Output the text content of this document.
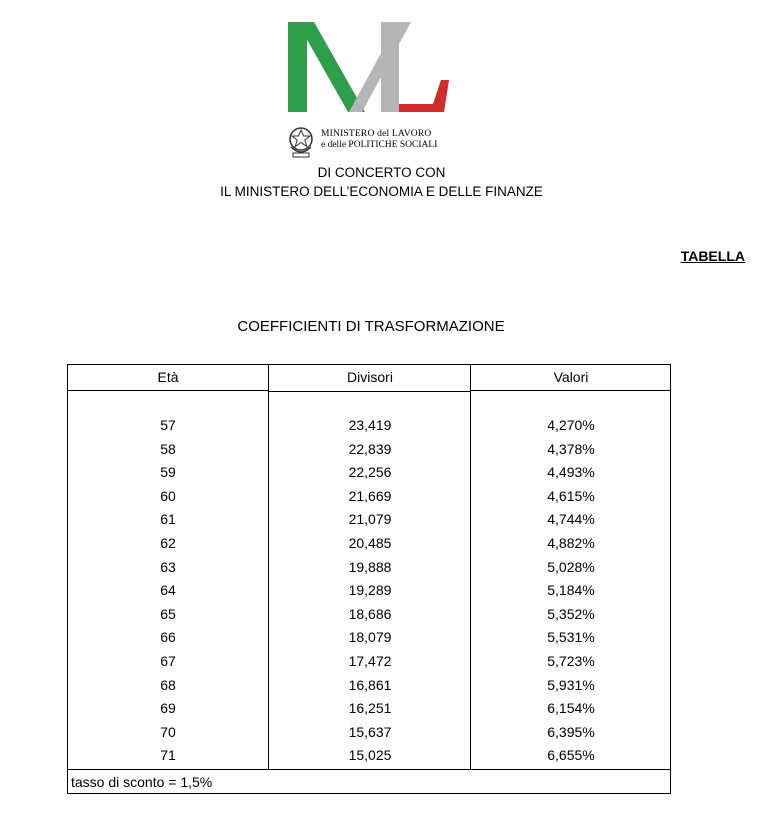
MINISTERO del LAVORO
e delle POLITICHE SOCIALI
DI CONCERTO CON
IL MINISTERO DELL’ECONOMIA E DELLE FINANZE
TABELLA
COEFFICIENTI DI TRASFORMAZIONE
Età	Divisori	Valori
57	23,419	4,270%
58	22,839	4,378%
59	22,256	4,493%
60	21,669	4,615%
61	21,079	4,744%
62	20,485	4,882%
63	19,888	5,028%
64	19,289	5,184%
65	18,686	5,352%
66	18,079	5,531%
67	17,472	5,723%
68	16,861	5,931%
69	16,251	6,154%
70	15,637	6,395%
71	15,025	6,655%
tasso di sconto = 1,5%
